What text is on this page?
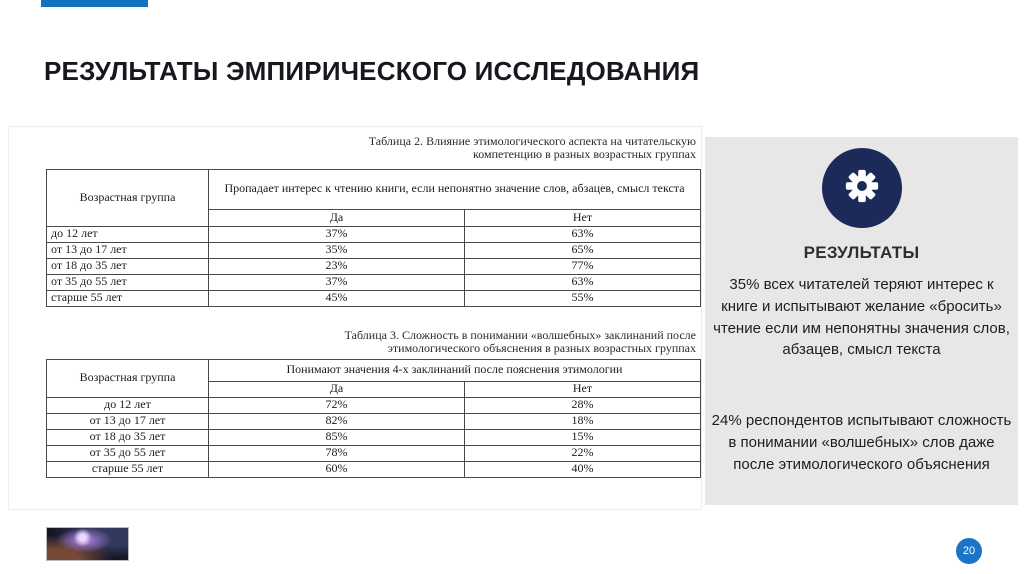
РЕЗУЛЬТАТЫ ЭМПИРИЧЕСКОГО ИССЛЕДОВАНИЯ
Таблица 2. Влияние этимологического аспекта на читательскую компетенцию в разных возрастных группах
Возрастная группа	Пропадает интерес к чтению книги, если непонятно значение слов, абзацев, смысл текста	
	Да	Нет
до 12 лет	37%	63%
от 13 до 17 лет	35%	65%
от 18 до 35 лет	23%	77%
от 35 до 55 лет	37%	63%
старше 55 лет	45%	55%
Таблица 3. Сложность в понимании «волшебных» заклинаний после этимологического объяснения в разных возрастных группах
Возрастная группа	Понимают значения 4-х заклинаний после пояснения этимологии	
	Да	Нет
до 12 лет	72%	28%
от 13 до 17 лет	82%	18%
от 18 до 35 лет	85%	15%
от 35 до 55 лет	78%	22%
старше 55 лет	60%	40%
РЕЗУЛЬТАТЫ

35% всех читателей теряют интерес к книге и испытывают желание «бросить» чтение если им непонятны значения слов, абзацев, смысл текста

24% респондентов испытывают сложность в понимании «волшебных» слов даже после этимологического объяснения

20
